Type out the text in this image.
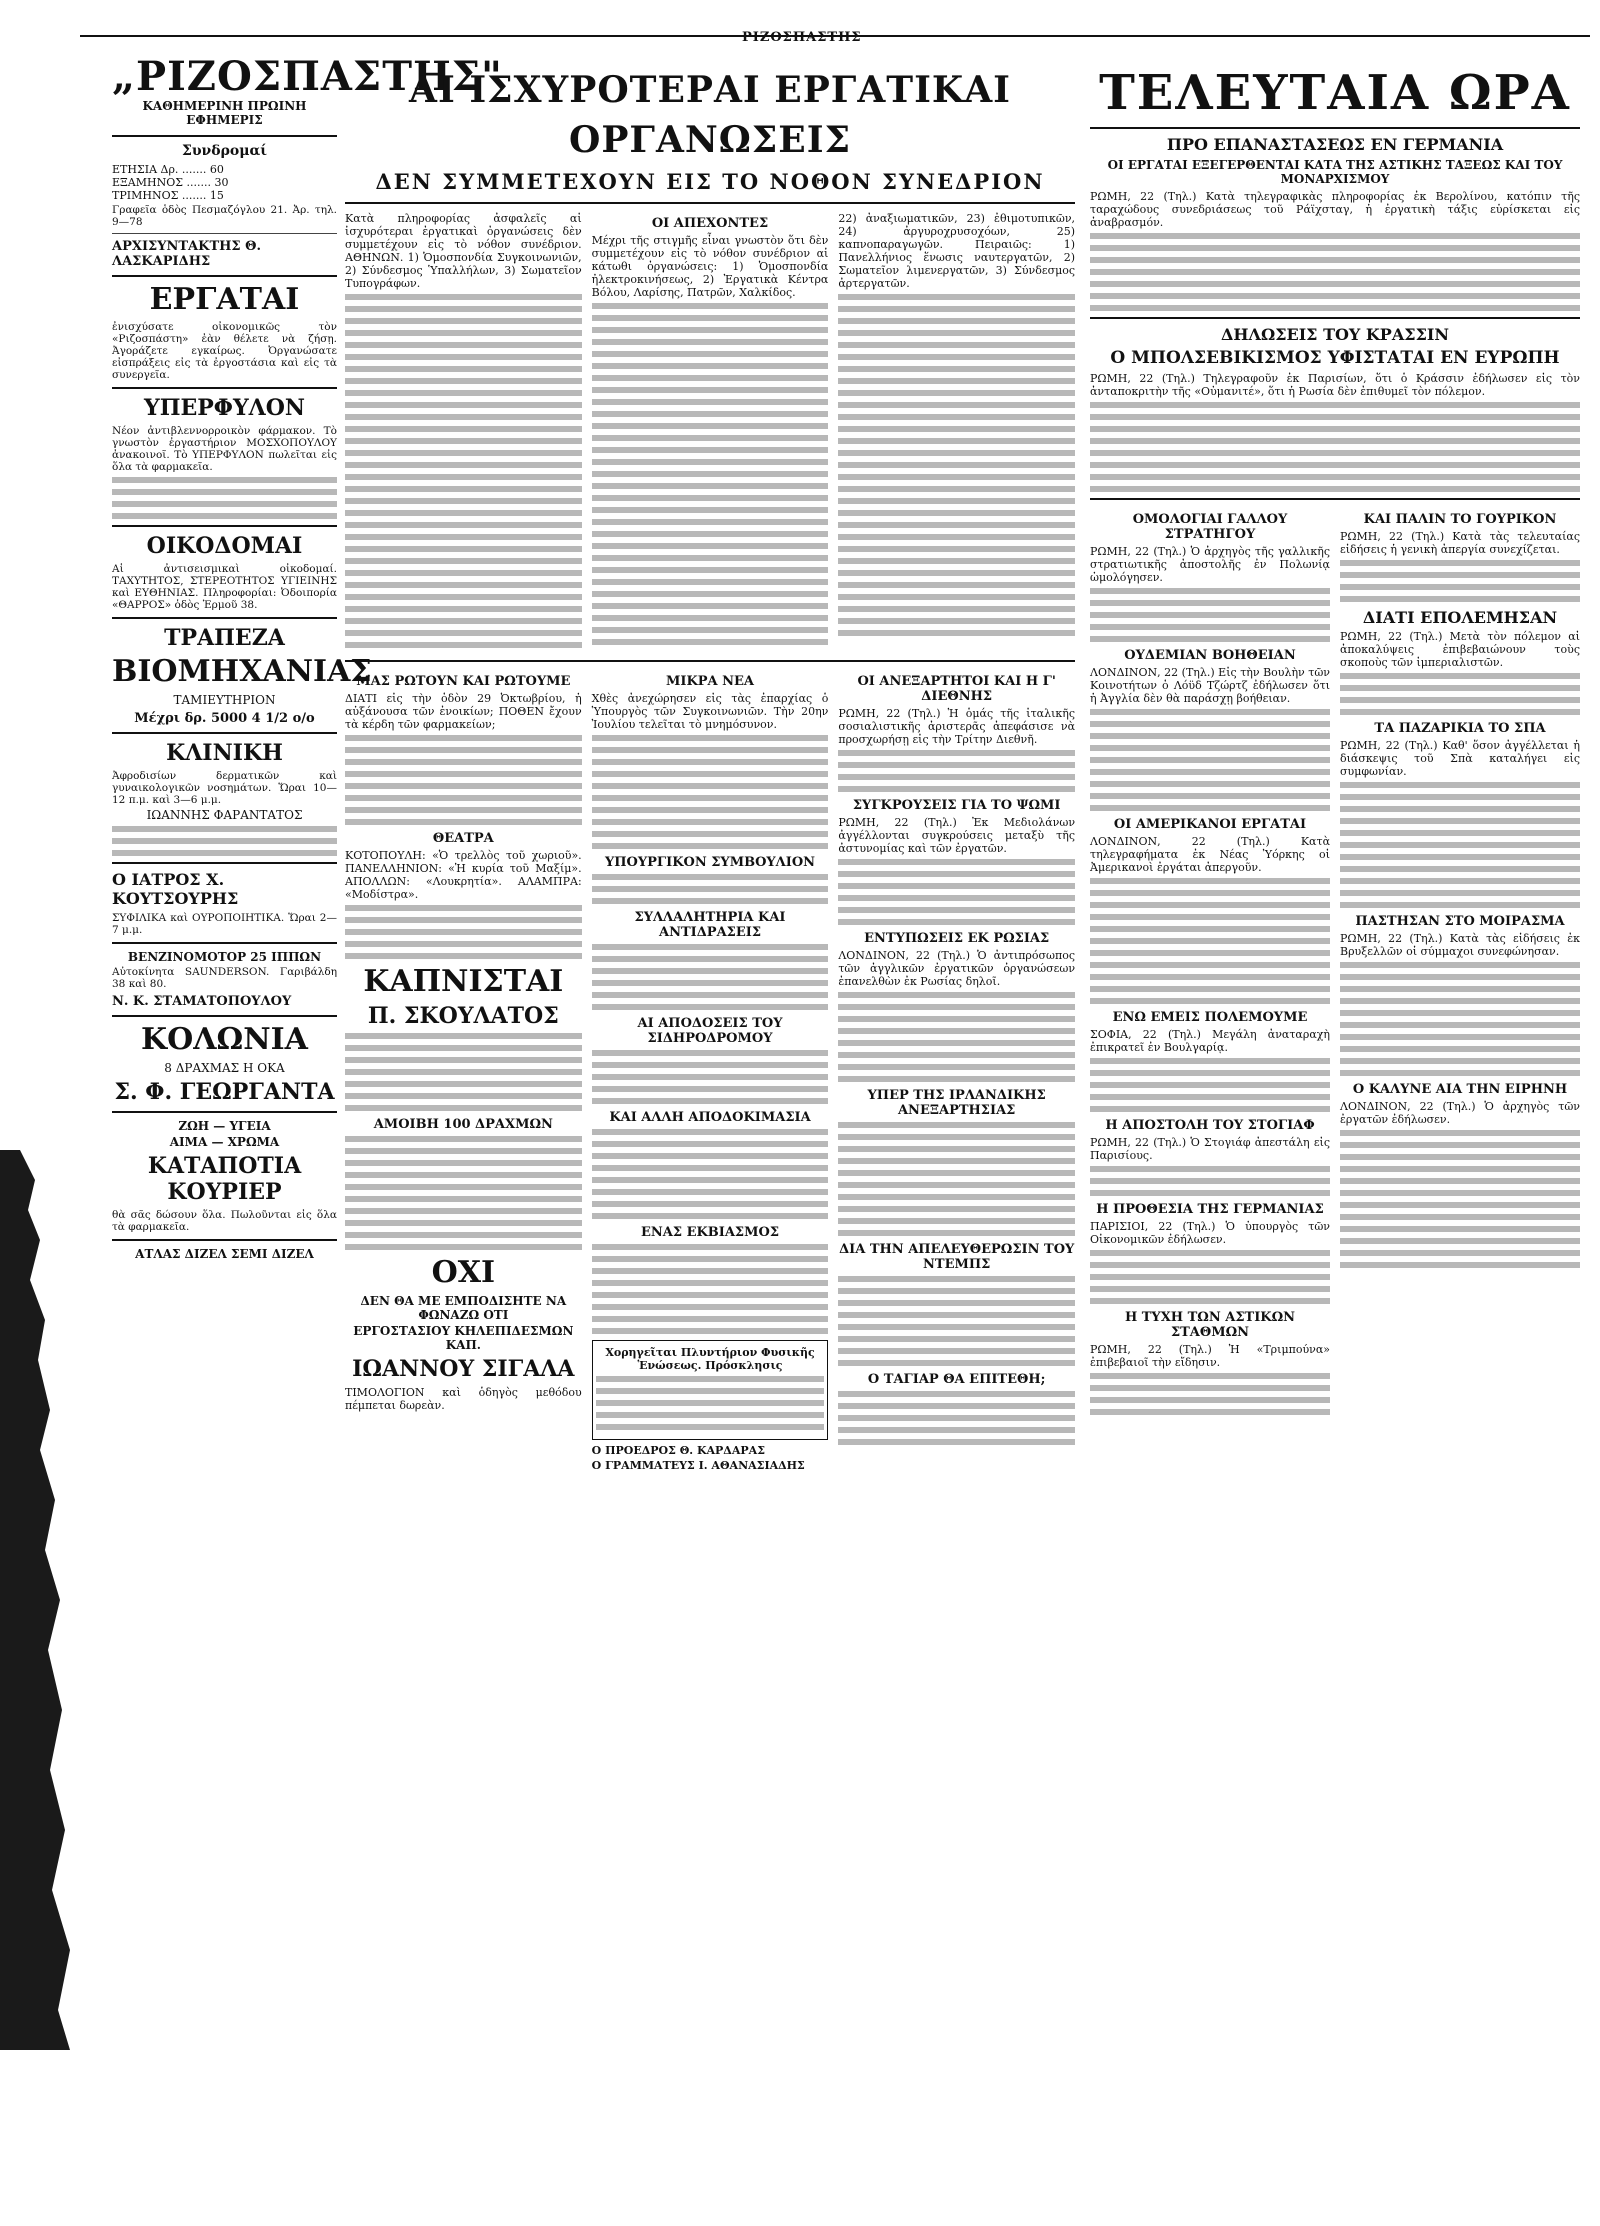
ΡΙΖΟΣΠΑΣΤΗΣ
„ΡΙΖΟΣΠΑΣΤΗΣ"

ΚΑΘΗΜΕΡΙΝΗ ΠΡΩΙΝΗ ΕΦΗΜΕΡΙΣ

Συνδρομαί
ΕΤΗΣΙΑ Δρ. ....... 60
ΕΞΑΜΗΝΟΣ ....... 30
ΤΡΙΜΗΝΟΣ ....... 15

Γραφεῖα ὁδὸς Πεσμαζόγλου 21. Ἀρ. τηλ. 9—78

ΑΡΧΙΣΥΝΤΑΚΤΗΣ Θ. ΛΑΣΚΑΡΙΔΗΣ
ΕΡΓΑΤΑΙ

ἐνισχύσατε οἰκονομικῶς τὸν «Ριζοσπάστη» ἐὰν θέλετε νὰ ζήσῃ. Ἀγοράζετε εγκαίρως. Ὀργανώσατε εἰσπράξεις εἰς τὰ ἐργοστάσια καὶ εἰς τὰ συνεργεῖα.

ΥΠΕΡΦΥΛΟΝ

Νέον ἀντιβλεννορροικὸν φάρμακον. Τὸ γνωστὸν ἐργαστήριον ΜΟΣΧΟΠΟΥΛΟΥ ἀνακοινοῖ. Τὸ ΥΠΕΡΦΥΛΟΝ πωλεῖται εἰς ὅλα τὰ φαρμακεῖα.

ΟΙΚΟΔΟΜΑΙ

Αἱ ἀντισεισμικαὶ οἰκοδομαί. ΤΑΧΥΤΗΤΟΣ, ΣΤΕΡΕΟΤΗΤΟΣ ΥΓΙΕΙΝΗΣ καὶ ΕΥΘΗΝΙΑΣ. Πληροφορίαι: Ὀδοιπορία «ΘΑΡΡΟΣ» ὁδὸς Ἐρμοῦ 38.

ΤΡΑΠΕΖΑ
ΒΙΟΜΗΧΑΝΙΑΣ
ΤΑΜΙΕΥΤΗΡΙΟΝ
Μέχρι δρ. 5000 4 1/2 ο/ο
ΚΛΙΝΙΚΗ

Ἀφροδισίων δερματικῶν καὶ γυναικολογικῶν νοσημάτων. Ὥραι 10—12 π.μ. καὶ 3—6 μ.μ.

ΙΩΑΝΝΗΣ ΦΑΡΑΝΤΑΤΟΣ
Ο ΙΑΤΡΟΣ Χ. ΚΟΥΤΣΟΥΡΗΣ

ΣΥΦΙΛΙΚΑ καὶ ΟΥΡΟΠΟΙΗΤΙΚΑ. Ὥραι 2—7 μ.μ.

ΒΕΝΖΙΝΟΜΟΤΟΡ 25 ΙΠΠΩΝ

Αὐτοκίνητα SAUNDERSON. Γαριβάλδη 38 καὶ 80.

Ν. Κ. ΣΤΑΜΑΤΟΠΟΥΛΟΥ
ΚΟΛΩΝΙΑ
8 ΔΡΑΧΜΑΣ Η ΟΚΑ
Σ. Φ. ΓΕΩΡΓΑΝΤΑ
ΖΩΗ — ΥΓΕΙΑ
ΑΙΜΑ — ΧΡΩΜΑ
ΚΑΤΑΠΟΤΙΑ ΚΟΥΡΙΕΡ

θὰ σᾶς δώσουν ὅλα. Πωλοῦνται εἰς ὅλα τὰ φαρμακεῖα.

ΑΤΛΑΣ ΔΙΖΕΛ ΣΕΜΙ ΔΙΖΕΛ
ΑΙ ΙΣΧΥΡΟΤΕΡΑΙ ΕΡΓΑΤΙΚΑΙ ΟΡΓΑΝΩΣΕΙΣ
ΔΕΝ ΣΥΜΜΕΤΕΧΟΥΝ ΕΙΣ ΤΟ ΝΟΘΟΝ ΣΥΝΕΔΡΙΟΝ

Κατὰ πληροφορίας ἀσφαλεῖς αἱ ἰσχυρότεραι ἐργατικαὶ ὀργανώσεις δὲν συμμετέχουν εἰς τὸ νόθον συνέδριον. ΑΘΗΝΩΝ. 1) Ὁμοσπονδία Συγκοινωνιῶν, 2) Σύνδεσμος Ὑπαλλήλων, 3) Σωματεῖον Τυπογράφων.

ΟΙ ΑΠΕΧΟΝΤΕΣ

Μέχρι τῆς στιγμῆς εἶναι γνωστὸν ὅτι δὲν συμμετέχουν εἰς τὸ νόθον συνέδριον αἱ κάτωθι ὀργανώσεις: 1) Ὁμοσπονδία ἠλεκτροκινήσεως, 2) Ἐργατικὰ Κέντρα Βόλου, Λαρίσης, Πατρῶν, Χαλκίδος.

22) ἀναξιωματικῶν, 23) ἐθιμοτυπικῶν, 24) ἀργυροχρυσοχόων, 25) καπνοπαραγωγῶν. Πειραιῶς: 1) Πανελλήνιος ἕνωσις ναυτεργατῶν, 2) Σωματεῖον λιμενεργατῶν, 3) Σύνδεσμος ἀρτεργατῶν.

ΜΑΣ ΡΩΤΟΥΝ ΚΑΙ ΡΩΤΟΥΜΕ

ΔΙΑΤΙ εἰς τὴν ὁδὸν 29 Ὀκτωβρίου, ἡ αὐξάνουσα τῶν ἐνοικίων; ΠΟΘΕΝ ἔχουν τὰ κέρδη τῶν φαρμακείων;

ΘΕΑΤΡΑ

ΚΟΤΟΠΟΥΛΗ: «Ὁ τρελλὸς τοῦ χωριοῦ». ΠΑΝΕΛΛΗΝΙΟΝ: «Ἡ κυρία τοῦ Μαξίμ». ΑΠΟΛΛΩΝ: «Λουκρητία». ΑΛΑΜΠΡΑ: «Μοδίστρα».

ΚΑΠΝΙΣΤΑΙ
Π. ΣΚΟΥΛΑΤΟΣ
ΑΜΟΙΒΗ 100 ΔΡΑΧΜΩΝ
ΟΧΙ
ΔΕΝ ΘΑ ΜΕ ΕΜΠΟΔΙΣΗΤΕ ΝΑ ΦΩΝΑΖΩ ΟΤΙ
ΕΡΓΟΣΤΑΣΙΟΥ ΚΗΛΕΠΙΔΕΣΜΩΝ ΚΑΠ.
ΙΩΑΝΝΟΥ ΣΙΓΑΛΑ

ΤΙΜΟΛΟΓΙΟΝ καὶ ὁδηγὸς μεθόδου πέμπεται δωρεὰν.

ΜΙΚΡΑ ΝΕΑ

Χθὲς ἀνεχώρησεν εἰς τὰς ἐπαρχίας ὁ Ὑπουργὸς τῶν Συγκοινωνιῶν. Τὴν 20ην Ἰουλίου τελεῖται τὸ μνημόσυνον.

ΥΠΟΥΡΓΙΚΟΝ ΣΥΜΒΟΥΛΙΟΝ
ΣΥΛΛΑΛΗΤΗΡΙΑ ΚΑΙ ΑΝΤΙΔΡΑΣΕΙΣ
ΑΙ ΑΠΟΔΟΣΕΙΣ ΤΟΥ ΣΙΔΗΡΟΔΡΟΜΟΥ
ΚΑΙ ΑΛΛΗ ΑΠΟΔΟΚΙΜΑΣΙΑ
ΕΝΑΣ ΕΚΒΙΑΣΜΟΣ

Χορηγεῖται Πλυντήριον Φυσικῆς Ἑνώσεως. Πρόσκλησις

Ο ΠΡΟΕΔΡΟΣ Θ. ΚΑΡΔΑΡΑΣ

Ο ΓΡΑΜΜΑΤΕΥΣ Ι. ΑΘΑΝΑΣΙΑΔΗΣ

ΟΙ ΑΝΕΞΑΡΤΗΤΟΙ ΚΑΙ Η Γ' ΔΙΕΘΝΗΣ

ΡΩΜΗ, 22 (Τηλ.) Ἡ ὁμάς τῆς ἰταλικῆς σοσιαλιστικῆς ἀριστερᾶς ἀπεφάσισε νὰ προσχωρήσῃ εἰς τὴν Τρίτην Διεθνῆ.

ΣΥΓΚΡΟΥΣΕΙΣ ΓΙΑ ΤΟ ΨΩΜΙ

ΡΩΜΗ, 22 (Τηλ.) Ἐκ Μεδιολάνων ἀγγέλλονται συγκρούσεις μεταξὺ τῆς ἀστυνομίας καὶ τῶν ἐργατῶν.

ΕΝΤΥΠΩΣΕΙΣ ΕΚ ΡΩΣΙΑΣ

ΛΟΝΔΙΝΟΝ, 22 (Τηλ.) Ὁ ἀντιπρόσωπος τῶν ἀγγλικῶν ἐργατικῶν ὀργανώσεων ἐπανελθὼν ἐκ Ρωσίας δηλοῖ.

ΥΠΕΡ ΤΗΣ ΙΡΛΑΝΔΙΚΗΣ ΑΝΕΞΑΡΤΗΣΙΑΣ
ΔΙΑ ΤΗΝ ΑΠΕΛΕΥΘΕΡΩΣΙΝ ΤΟΥ ΝΤΕΜΠΣ
Ο ΤΑΓΙΑΡ ΘΑ ΕΠΙΤΕΘΗ;
ΤΕΛΕΥΤΑΙΑ ΩΡΑ
ΠΡΟ ΕΠΑΝΑΣΤΑΣΕΩΣ ΕΝ ΓΕΡΜΑΝΙΑ
ΟΙ ΕΡΓΑΤΑΙ ΕΞΕΓΕΡΘΕΝΤΑΙ ΚΑΤΑ ΤΗΣ ΑΣΤΙΚΗΣ ΤΑΞΕΩΣ ΚΑΙ ΤΟΥ ΜΟΝΑΡΧΙΣΜΟΥ

ΡΩΜΗ, 22 (Τηλ.) Κατὰ τηλεγραφικὰς πληροφορίας ἐκ Βερολίνου, κατόπιν τῆς ταραχώδους συνεδριάσεως τοῦ Ράϊχσταγ, ἡ ἐργατικὴ τάξις εὑρίσκεται εἰς ἀναβρασμόν.

ΔΗΛΩΣΕΙΣ ΤΟΥ ΚΡΑΣΣΙΝ
Ο ΜΠΟΛΣΕΒΙΚΙΣΜΟΣ ΥΦΙΣΤΑΤΑΙ ΕΝ ΕΥΡΩΠΗ

ΡΩΜΗ, 22 (Τηλ.) Τηλεγραφοῦν ἐκ Παρισίων, ὅτι ὁ Κράσσιν ἐδήλωσεν εἰς τὸν ἀνταποκριτὴν τῆς «Οὐμανιτέ», ὅτι ἡ Ρωσία δὲν ἐπιθυμεῖ τὸν πόλεμον.

ΟΜΟΛΟΓΙΑΙ ΓΑΛΛΟΥ ΣΤΡΑΤΗΓΟΥ

ΡΩΜΗ, 22 (Τηλ.) Ὁ ἀρχηγὸς τῆς γαλλικῆς στρατιωτικῆς ἀποστολῆς ἐν Πολωνίᾳ ὡμολόγησεν.

ΟΥΔΕΜΙΑΝ ΒΟΗΘΕΙΑΝ

ΛΟΝΔΙΝΟΝ, 22 (Τηλ.) Εἰς τὴν Βουλὴν τῶν Κοινοτήτων ὁ Λόϋδ Τζώρτζ ἐδήλωσεν ὅτι ἡ Ἀγγλία δὲν θὰ παράσχῃ βοήθειαν.

ΟΙ ΑΜΕΡΙΚΑΝΟΙ ΕΡΓΑΤΑΙ

ΛΟΝΔΙΝΟΝ, 22 (Τηλ.) Κατὰ τηλεγραφήματα ἐκ Νέας Ὑόρκης οἱ Ἀμερικανοὶ ἐργάται ἀπεργοῦν.

ΕΝΩ ΕΜΕΙΣ ΠΟΛΕΜΟΥΜΕ

ΣΟΦΙΑ, 22 (Τηλ.) Μεγάλη ἀναταραχὴ ἐπικρατεῖ ἐν Βουλγαρίᾳ.

Η ΑΠΟΣΤΟΛΗ ΤΟΥ ΣΤΟΓΙΑΦ

ΡΩΜΗ, 22 (Τηλ.) Ὁ Στογιάφ ἀπεστάλη εἰς Παρισίους.

Η ΠΡΟΘΕΣΙΑ ΤΗΣ ΓΕΡΜΑΝΙΑΣ

ΠΑΡΙΣΙΟΙ, 22 (Τηλ.) Ὁ ὑπουργὸς τῶν Οἰκονομικῶν ἐδήλωσεν.

Η ΤΥΧΗ ΤΩΝ ΑΣΤΙΚΩΝ ΣΤΑΘΜΩΝ

ΡΩΜΗ, 22 (Τηλ.) Ἡ «Τριμπούνα» ἐπιβεβαιοῖ τὴν εἴδησιν.

ΚΑΙ ΠΑΛΙΝ ΤΟ ΓΟΥΡΙΚΟΝ

ΡΩΜΗ, 22 (Τηλ.) Κατὰ τὰς τελευταίας εἰδήσεις ἡ γενικὴ ἀπεργία συνεχίζεται.

ΔΙΑΤΙ ΕΠΟΛΕΜΗΣΑΝ

ΡΩΜΗ, 22 (Τηλ.) Μετὰ τὸν πόλεμον αἱ ἀποκαλύψεις ἐπιβεβαιώνουν τοὺς σκοποὺς τῶν ἱμπεριαλιστῶν.

ΤΑ ΠΑΖΑΡΙΚΙΑ ΤΟ ΣΠΑ

ΡΩΜΗ, 22 (Τηλ.) Καθ' ὅσον ἀγγέλλεται ἡ διάσκεψις τοῦ Σπὰ καταλήγει εἰς συμφωνίαν.

ΠΑΣΤΗΣΑΝ ΣΤΟ ΜΟΙΡΑΣΜΑ

ΡΩΜΗ, 22 (Τηλ.) Κατὰ τὰς εἰδήσεις ἐκ Βρυξελλῶν οἱ σύμμαχοι συνεφώνησαν.

Ο ΚΑΛΥΝΕ ΑΙΑ ΤΗΝ ΕΙΡΗΝΗ

ΛΟΝΔΙΝΟΝ, 22 (Τηλ.) Ὁ ἀρχηγὸς τῶν ἐργατῶν ἐδήλωσεν.
